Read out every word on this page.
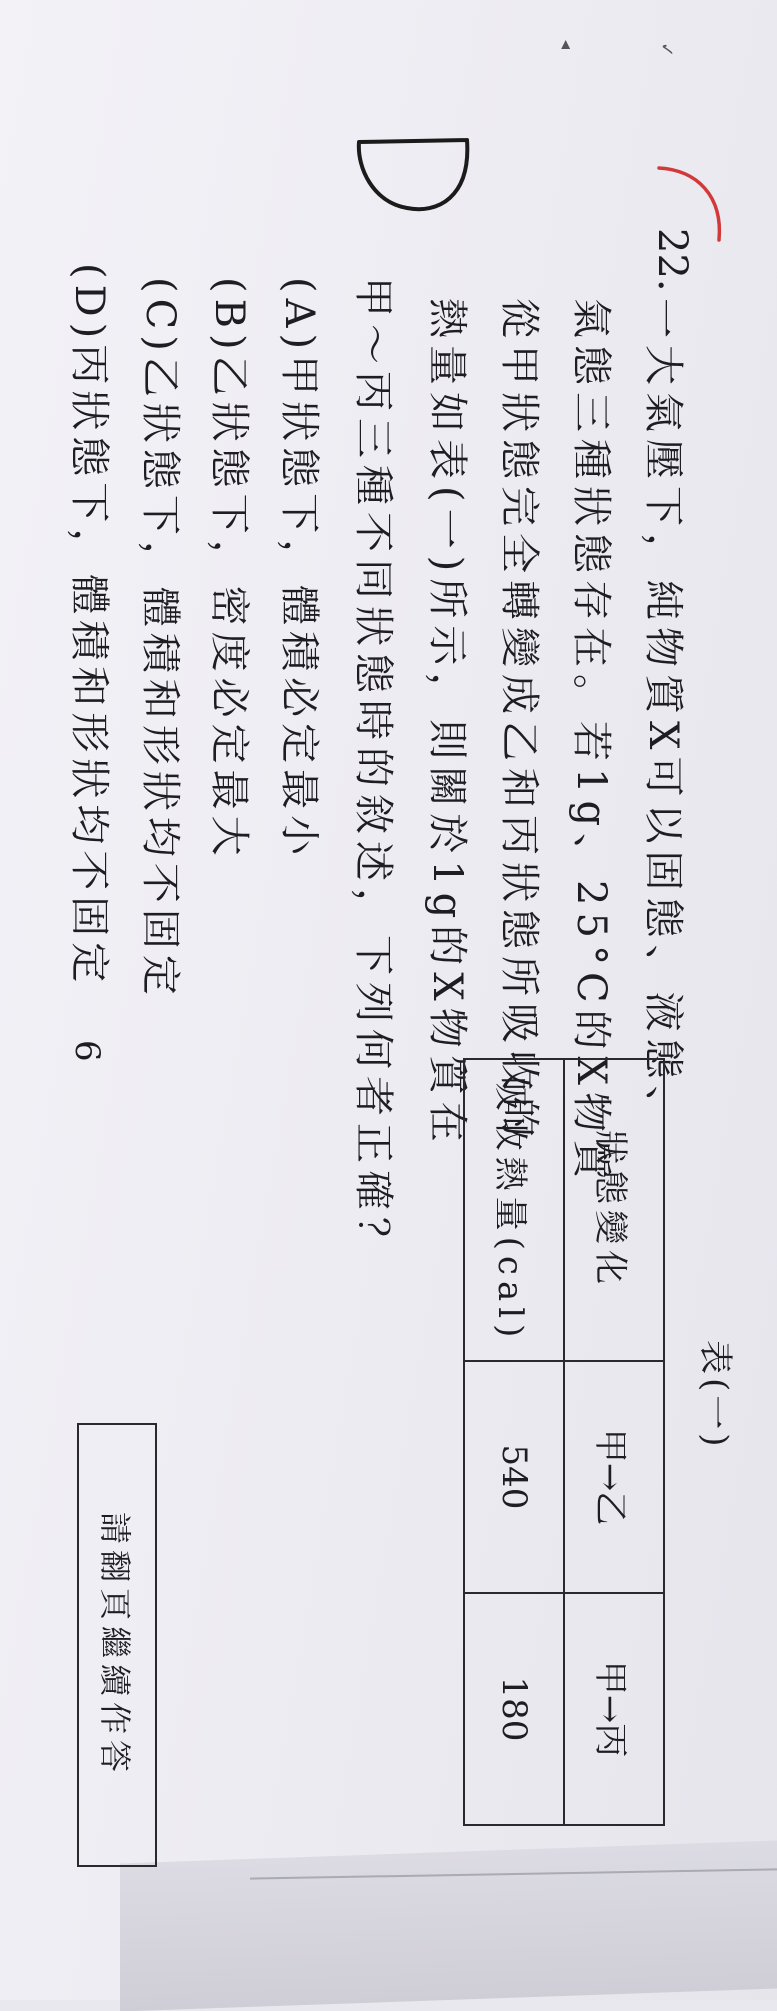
✓
◂
22.
一大氣壓下，純物質X可以固態、液態、
氣態三種狀態存在。若1g、25°C的X物質
從甲狀態完全轉變成乙和丙狀態所吸收的
熱量如表(一)所示，則關於1g的X物質在
甲～丙三種不同狀態時的敘述，下列何者正確？
(A)甲狀態下，體積必定最小
(B)乙狀態下，密度必定最大
(C)乙狀態下，體積和形狀均不固定
(D)丙狀態下，體積和形狀均不固定
表(一)
狀態變化	甲→乙	甲→丙
吸收熱量(cal)	540	180
6
請翻頁繼續作答
